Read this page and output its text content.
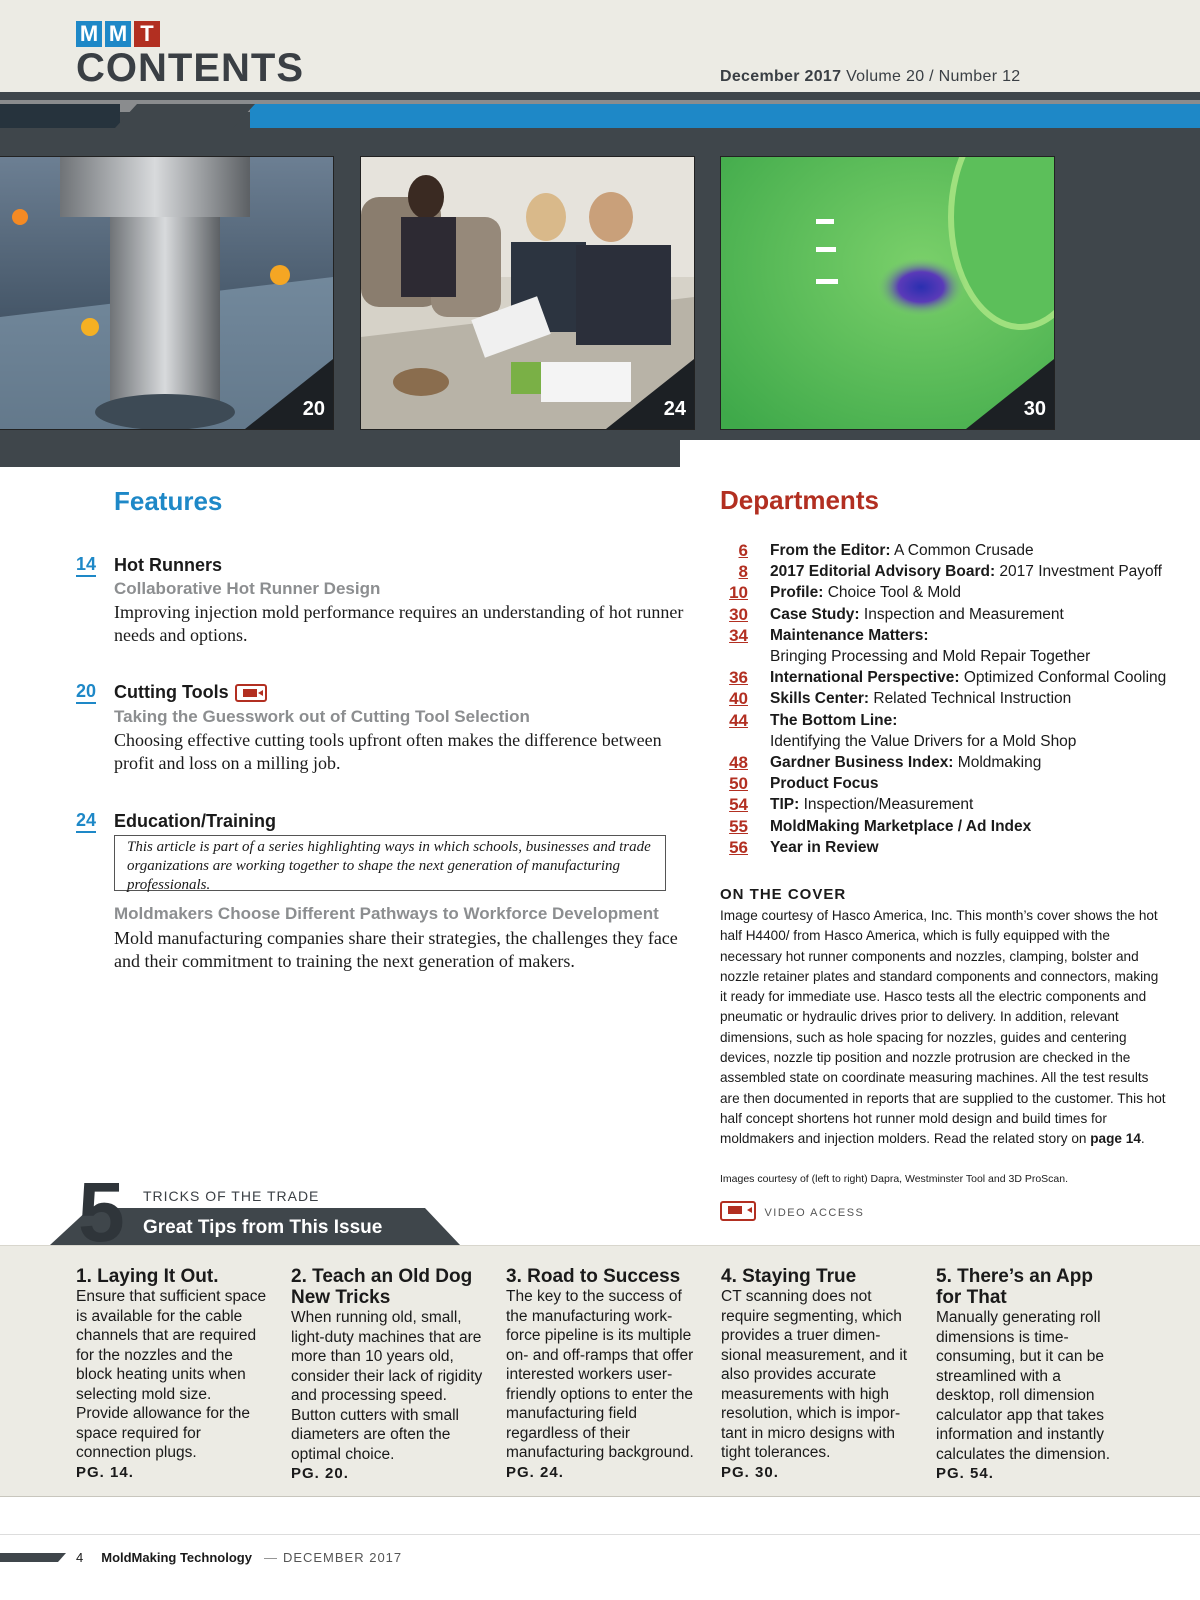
M M T
CONTENTS	December 2017 Volume 20 / Number 12
20	24	30
Features
14 Hot Runners
Collaborative Hot Runner Design
Improving injection mold performance requires an understanding of hot runner needs and options.
20 Cutting Tools
Taking the Guesswork out of Cutting Tool Selection
Choosing effective cutting tools upfront often makes the difference between profit and loss on a milling job.
24 Education/Training
This article is part of a series highlighting ways in which schools, businesses and trade organizations are working together to shape the next generation of manufacturing professionals.
Moldmakers Choose Different Pathways to Workforce Development
Mold manufacturing companies share their strategies, the challenges they face and their commitment to training the next generation of makers.
Departments
6 From the Editor: A Common Crusade
8 2017 Editorial Advisory Board: 2017 Investment Payoff
10 Profile: Choice Tool & Mold
30 Case Study: Inspection and Measurement
34 Maintenance Matters:
Bringing Processing and Mold Repair Together
36 International Perspective: Optimized Conformal Cooling
40 Skills Center: Related Technical Instruction
44 The Bottom Line:
Identifying the Value Drivers for a Mold Shop
48 Gardner Business Index: Moldmaking
50 Product Focus
54 TIP: Inspection/Measurement
55 MoldMaking Marketplace / Ad Index
56 Year in Review
ON THE COVER
Image courtesy of Hasco America, Inc. This month’s cover shows the hot half H4400/ from Hasco America, which is fully equipped with the necessary hot runner components and nozzles, clamping, bolster and nozzle retainer plates and standard components and connectors, making it ready for immediate use. Hasco tests all the electric components and pneumatic or hydraulic drives prior to delivery. In addition, relevant dimensions, such as hole spacing for nozzles, guides and centering devices, nozzle tip position and nozzle protrusion are checked in the assembled state on coordinate measuring machines. All the test results are then documented in reports that are supplied to the customer. This hot half concept shortens hot runner mold design and build times for moldmakers and injection molders. Read the related story on page 14.
Images courtesy of (left to right) Dapra, Westminster Tool and 3D ProScan.
VIDEO ACCESS
5 TRICKS OF THE TRADE
Great Tips from This Issue
1. Laying It Out.
Ensure that sufficient space is available for the cable channels that are required for the nozzles and the block heating units when selecting mold size. Provide allowance for the space required for connection plugs.
PG. 14.
2. Teach an Old Dog New Tricks
When running old, small, light-duty machines that are more than 10 years old, consider their lack of rigidity and processing speed. Button cutters with small diameters are often the optimal choice.
PG. 20.
3. Road to Success
The key to the success of the manufacturing work-force pipeline is its multiple on- and off-ramps that offer interested workers user-friendly options to enter the manufacturing field regardless of their manufacturing background.
PG. 24.
4. Staying True
CT scanning does not require segmenting, which provides a truer dimen-sional measurement, and it also provides accurate measurements with high resolution, which is impor-tant in micro designs with tight tolerances.
PG. 30.
5. There’s an App for That
Manually generating roll dimensions is time-consuming, but it can be streamlined with a desktop, roll dimension calculator app that takes information and instantly calculates the dimension.
PG. 54.
4 MoldMaking Technology — DECEMBER 2017
